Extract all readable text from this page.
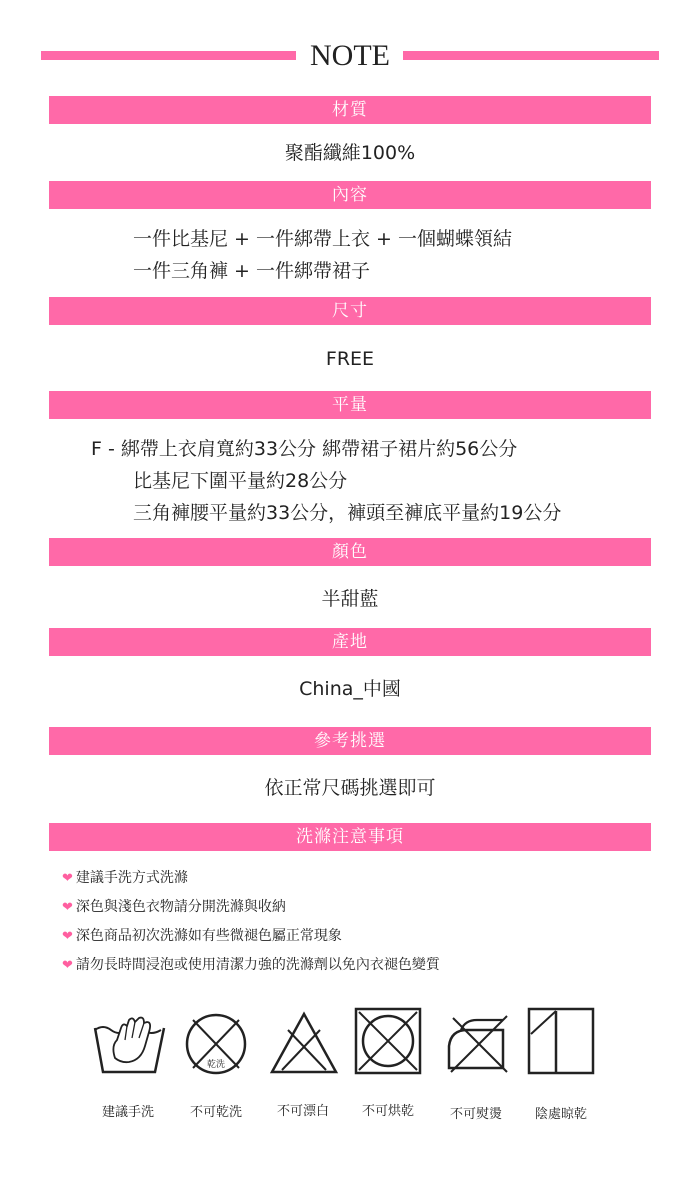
NOTE
材質
聚酯纖維100%
內容
一件比基尼 + 一件綁帶上衣 + 一個蝴蝶領結
一件三角褲 + 一件綁帶裙子
尺寸
FREE
平量
F - 綁帶上衣肩寬約33公分 綁帶裙子裙片約56公分
比基尼下圍平量約28公分
三角褲腰平量約33公分，褲頭至褲底平量約19公分
顏色
半甜藍
產地
China_中國
參考挑選
依正常尺碼挑選即可
洗滌注意事項
❤ 建議手洗方式洗滌
❤ 深色與淺色衣物請分開洗滌與收納
❤ 深色商品初次洗滌如有些微褪色屬正常現象
❤ 請勿長時間浸泡或使用清潔力強的洗滌劑以免內衣褪色變質
乾洗
建議手洗	不可乾洗	不可漂白	不可烘乾	不可熨燙	陰處晾乾
